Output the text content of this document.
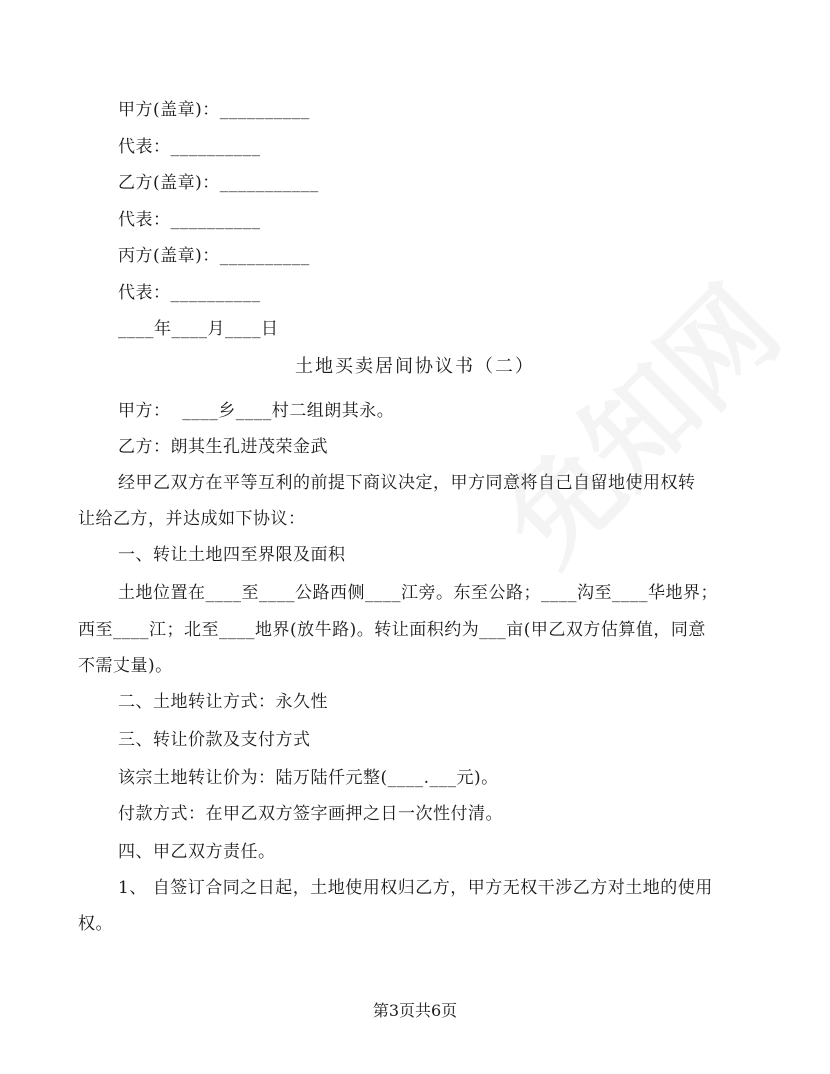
甲方(盖章)：__________
代表：__________
乙方(盖章)：___________
代表：__________
丙方(盖章)：__________
代表：__________
____年____月____日
土地买卖居间协议书（二）
甲方：  ____乡____村二组朗其永。
乙方：朗其生孔进茂荣金武
经甲乙双方在平等互利的前提下商议决定，甲方同意将自己自留地使用权转
让给乙方，并达成如下协议：
一、转让土地四至界限及面积
土地位置在____至____公路西侧____江旁。东至公路；____沟至____华地界；
西至____江；北至____地界(放牛路)。转让面积约为___亩(甲乙双方估算值，同意
不需丈量)。
二、土地转让方式：永久性
三、转让价款及支付方式
该宗土地转让价为：陆万陆仟元整(____.___元)。
付款方式：在甲乙双方签字画押之日一次性付清。
四、甲乙双方责任。
1、 自签订合同之日起，土地使用权归乙方，甲方无权干涉乙方对土地的使用
权。
第3页共6页
